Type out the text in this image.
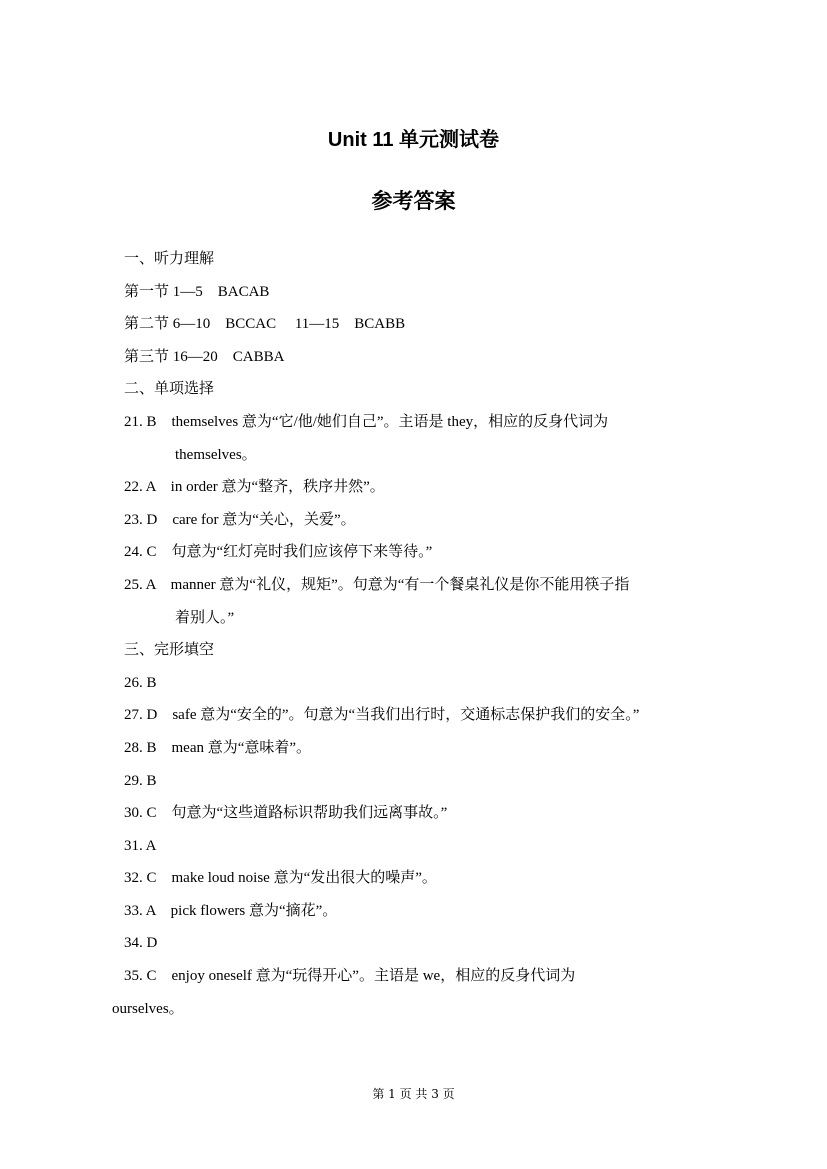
Unit 11 单元测试卷
参考答案
一、听力理解
第一节 1—5    BACAB
第二节 6—10    BCCAC     11—15    BCABB
第三节 16—20    CABBA
二、单项选择
21. B    themselves 意为“它/他/她们自己”。主语是 they，相应的反身代词为
themselves。
22. A    in order 意为“整齐，秩序井然”。
23. D    care for 意为“关心，关爱”。
24. C    句意为“红灯亮时我们应该停下来等待。”
25. A    manner 意为“礼仪，规矩”。句意为“有一个餐桌礼仪是你不能用筷子指
着别人。”
三、完形填空
26. B
27. D    safe 意为“安全的”。句意为“当我们出行时，交通标志保护我们的安全。”
28. B    mean 意为“意味着”。
29. B
30. C    句意为“这些道路标识帮助我们远离事故。”
31. A
32. C    make loud noise 意为“发出很大的噪声”。
33. A    pick flowers 意为“摘花”。
34. D
35. C    enjoy oneself 意为“玩得开心”。主语是 we，相应的反身代词为
ourselves。
第 1 页 共 3 页
